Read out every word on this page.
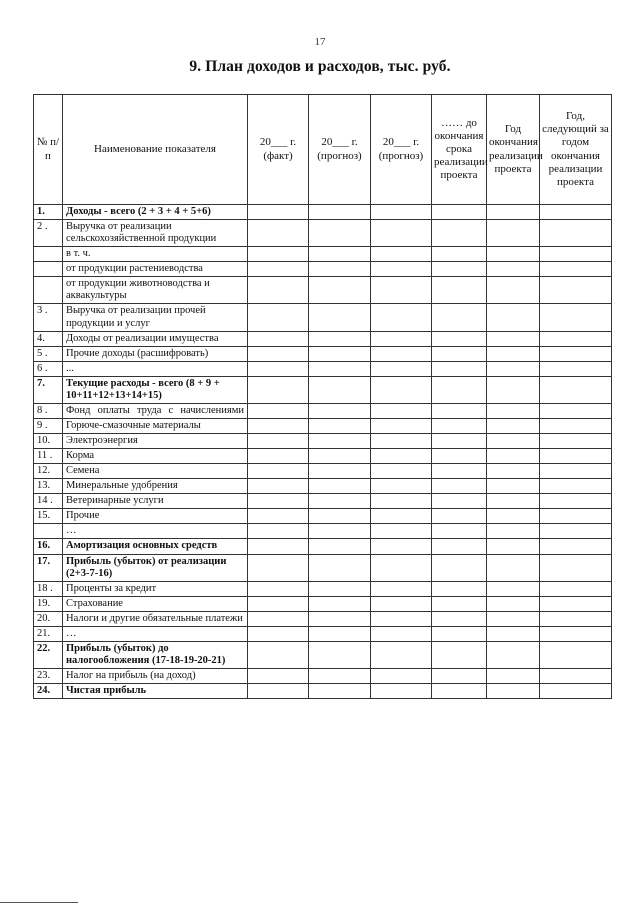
17
9. План доходов и расходов, тыс. руб.
№ п/п	Наименование показателя	20___ г. (факт)	20___ г. (прогноз)	20___ г. (прогноз)	…… до окончания срока реализации проекта	Год окончания реализации проекта	Год, следующий за годом окончания реализации проекта
1.	Доходы - всего (2 + 3 + 4 + 5+6)						
2 .	Выручка от реализации сельскохозяйственной продукции						
	в т. ч.						
	от продукции растениеводства						
	от продукции животноводства и аквакультуры						
3 .	Выручка от реализации прочей продукции и услуг						
4.	Доходы от реализации имущества						
5 .	Прочие доходы (расшифровать)						
6 .	...						
7.	Текущие расходы - всего (8 + 9 + 10+11+12+13+14+15)						
8 .	Фонд оплаты труда с начислениями						
9 .	Горюче-смазочные материалы						
10.	Электроэнергия						
11 .	Корма						
12.	Семена						
13.	Минеральные удобрения						
14 .	Ветеринарные услуги						
15.	Прочие						
	…						
16.	Амортизация основных средств						
17.	Прибыль (убыток) от реализации (2+3-7-16)						
18 .	Проценты за кредит						
19.	Страхование						
20.	Налоги и другие обязательные платежи						
21.	…						
22.	Прибыль (убыток) до налогообложения (17-18-19-20-21)						
23.	Налог на прибыль (на доход)						
24.	Чистая прибыль						
